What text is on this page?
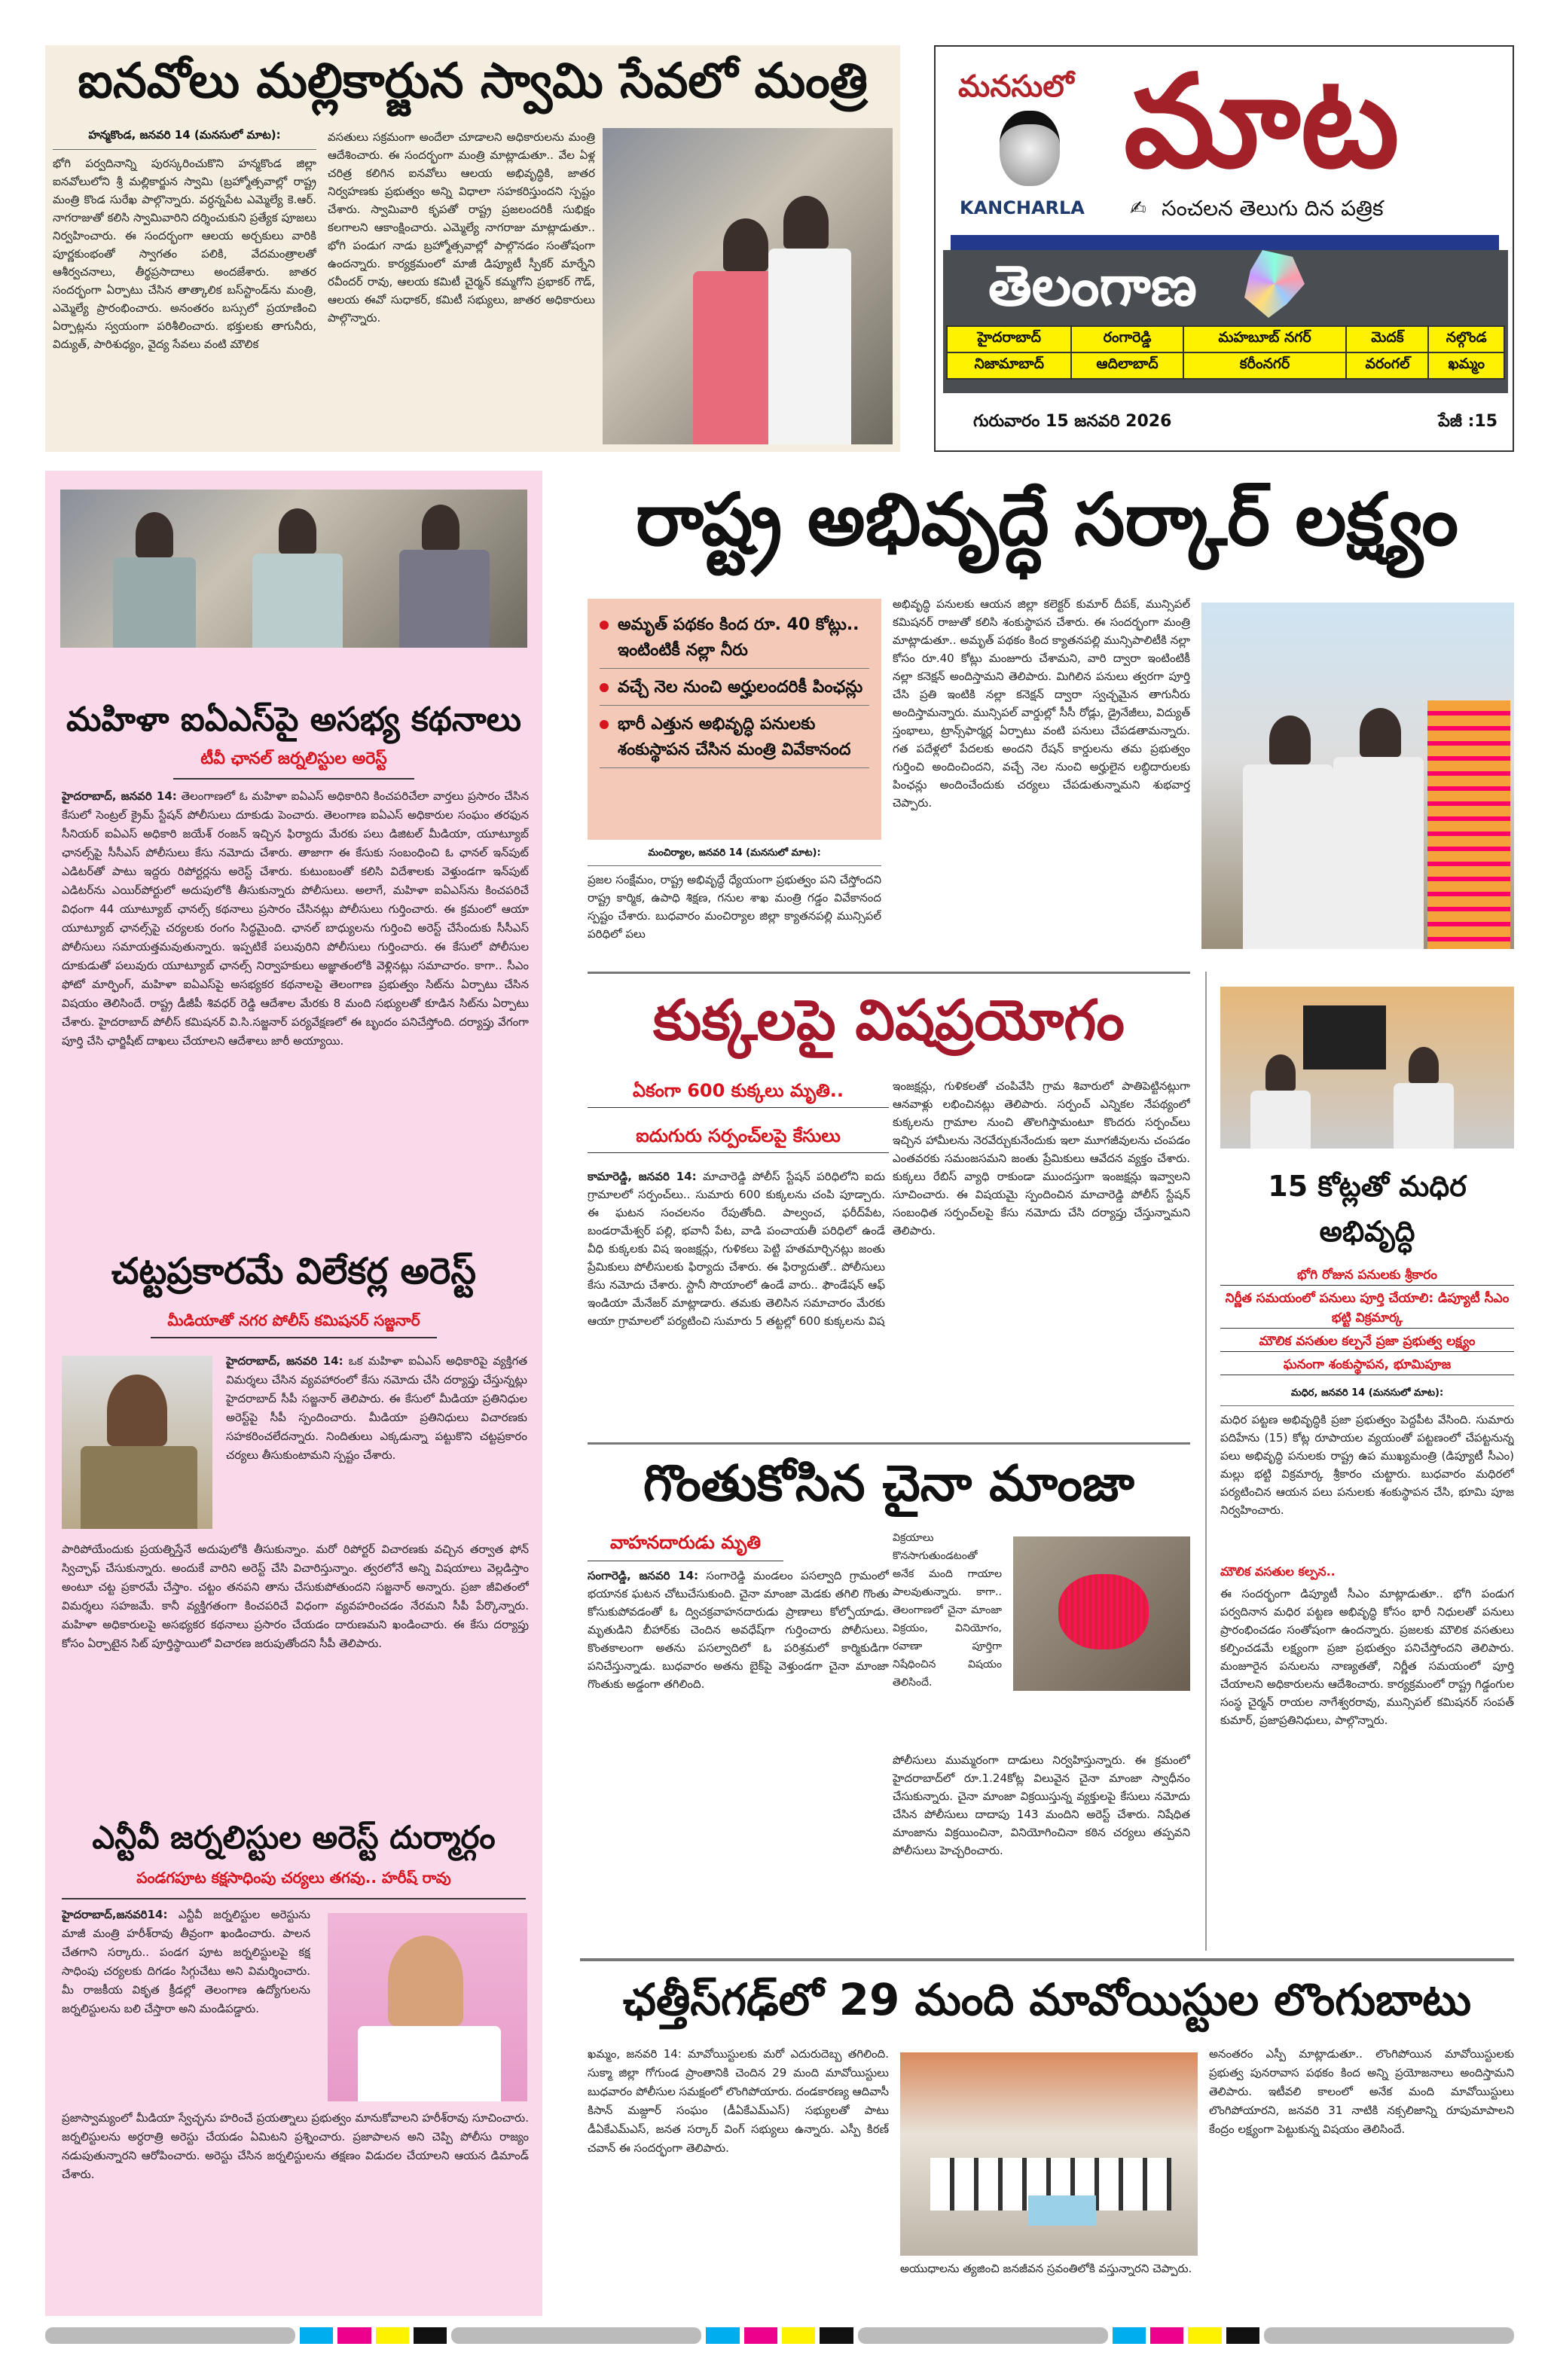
ఐనవోలు మల్లికార్జున స్వామి సేవలో మంత్రి
హన్మకొండ, జనవరి 14 (మనసులో మాట):
భోగి పర్వదినాన్ని పురస్కరించుకొని హన్మకొండ జిల్లా ఐనవోలులోని శ్రీ మల్లికార్జున స్వామి (బ్రహ్మోత్సవాల్లో రాష్ట్ర మంత్రి కొండ సురేఖ పాల్గొన్నారు. వర్ధన్నపేట ఎమ్మెల్యే కె.ఆర్. నాగరాజుతో కలిసి స్వామివారిని దర్శించుకుని ప్రత్యేక పూజలు నిర్వహించారు. ఈ సందర్భంగా ఆలయ అర్చకులు వారికి పూర్ణకుంభంతో స్వాగతం పలికి, వేదమంత్రాలతో ఆశీర్వచనాలు, తీర్థప్రసాదాలు అందజేశారు. జాతర సందర్భంగా ఏర్పాటు చేసిన తాత్కాలిక బస్‌స్టాండ్‌ను మంత్రి, ఎమ్మెల్యే ప్రారంభించారు. అనంతరం బస్సులో ప్రయాణించి ఏర్పాట్లను స్వయంగా పరిశీలించారు. భక్తులకు తాగునీరు, విద్యుత్, పారిశుధ్యం, వైద్య సేవలు వంటి మౌలిక
వసతులు సక్రమంగా అందేలా చూడాలని అధికారులను మంత్రి ఆదేశించారు. ఈ సందర్భంగా మంత్రి మాట్లాడుతూ.. వేల ఏళ్ల చరిత్ర కలిగిన ఐనవోలు ఆలయ అభివృద్ధికి, జాతర నిర్వహణకు ప్రభుత్వం అన్ని విధాలా సహకరిస్తుందని స్పష్టం చేశారు. స్వామివారి కృపతో రాష్ట్ర ప్రజలందరికీ సుభిక్షం కలగాలని ఆకాంక్షించారు. ఎమ్మెల్యే నాగరాజు మాట్లాడుతూ.. భోగి పండుగ నాడు బ్రహ్మోత్సవాల్లో పాల్గొనడం సంతోషంగా ఉందన్నారు. కార్యక్రమంలో మాజీ డిప్యూటీ స్పీకర్ మార్నేని రవీందర్ రావు, ఆలయ కమిటీ చైర్మన్ కమ్మగోని ప్రభాకర్ గౌడ్, ఆలయ ఈవో సుధాకర్, కమిటీ సభ్యులు, జాతర అధికారులు పాల్గొన్నారు.
మనసులో మాట
KANCHARLA ✍ సంచలన తెలుగు దిన పత్రిక
తెలంగాణ
హైదరాబాద్	రంగారెడ్డి	మహబూబ్ నగర్	మెదక్	నల్గొండ
నిజామాబాద్	ఆదిలాబాద్	కరీంనగర్	వరంగల్	ఖమ్మం
గురువారం 15 జనవరి 2026	పేజీ :15
మహిళా ఐఏఎస్‌పై అసభ్య కథనాలు
టీవీ ఛానల్ జర్నలిస్టుల అరెస్ట్
హైదరాబాద్, జనవరి 14: తెలంగాణలో ఓ మహిళా ఐఏఎస్ అధికారిని కించపరిచేలా వార్తలు ప్రసారం చేసిన కేసులో సెంట్రల్ క్రైమ్ స్టేషన్ పోలీసులు దూకుడు పెంచారు. తెలంగాణ ఐఏఎస్ అధికారుల సంఘం తరఫున సీనియర్ ఐఏఎస్ అధికారి జయేశ్ రంజన్ ఇచ్చిన ఫిర్యాదు మేరకు పలు డిజిటల్ మీడియా, యూట్యూబ్ ఛానల్స్‌పై సీసీఎస్ పోలీసులు కేసు నమోదు చేశారు. తాజాగా ఈ కేసుకు సంబంధించి ఓ ఛానల్ ఇన్‌పుట్ ఎడిటర్‌తో పాటు ఇద్దరు రిపోర్టర్లను అరెస్ట్ చేశారు. కుటుంబంతో కలిసి విదేశాలకు వెళ్తుండగా ఇన్‌పుట్ ఎడిటర్‌ను ఎయిర్‌పోర్టులో అదుపులోకి తీసుకున్నారు పోలీసులు. అలాగే, మహిళా ఐఏఎస్‌ను కించపరిచే విధంగా 44 యూట్యూబ్ ఛానల్స్ కథనాలు ప్రసారం చేసినట్లు పోలీసులు గుర్తించారు. ఈ క్రమంలో ఆయా యూట్యూబ్ ఛానల్స్‌పై చర్యలకు రంగం సిద్ధమైంది. ఛానల్ బాధ్యులను గుర్తించి అరెస్ట్ చేసేందుకు సీసీఎస్ పోలీసులు సమాయత్తమవుతున్నారు. ఇప్పటికే పలువురిని పోలీసులు గుర్తించారు. ఈ కేసులో పోలీసుల దూకుడుతో పలువురు యూట్యూబ్ ఛానల్స్ నిర్వాహకులు అజ్ఞాతంలోకి వెళ్లినట్లు సమాచారం. కాగా.. సీఎం ఫోటో మార్ఫింగ్, మహిళా ఐఏఎస్‌పై అసభ్యకర కథనాలపై తెలంగాణ ప్రభుత్వం సిట్‌ను ఏర్పాటు చేసిన విషయం తెలిసిందే. రాష్ట్ర డీజీపీ శివధర్ రెడ్డి ఆదేశాల మేరకు 8 మంది సభ్యులతో కూడిన సిట్‌ను ఏర్పాటు చేశారు. హైదరాబాద్ పోలీస్ కమిషనర్ వి.సి.సజ్జనార్ పర్యవేక్షణలో ఈ బృందం పనిచేస్తోంది. దర్యాప్తు వేగంగా పూర్తి చేసి ఛార్జిషీట్ దాఖలు చేయాలని ఆదేశాలు జారీ అయ్యాయి.
చట్టప్రకారమే విలేకర్ల అరెస్ట్
మీడియాతో నగర పోలీస్ కమిషనర్ సజ్జనార్
హైదరాబాద్, జనవరి 14: ఒక మహిళా ఐఏఎస్ అధికారిపై వ్యక్తిగత విమర్శలు చేసిన వ్యవహారంలో కేసు నమోదు చేసి దర్యాప్తు చేస్తున్నట్లు హైదరాబాద్ సీపీ సజ్జనార్ తెలిపారు. ఈ కేసులో మీడియా ప్రతినిధుల అరెస్ట్‌పై సీపీ స్పందించారు. మీడియా ప్రతినిధులు విచారణకు సహకరించలేదన్నారు. నిందితులు ఎక్కడున్నా పట్టుకొని చట్టప్రకారం చర్యలు తీసుకుంటామని స్పష్టం చేశారు.
పారిపోయేందుకు ప్రయత్నిస్తేనే అదుపులోకి తీసుకున్నాం. మరో రిపోర్టర్ విచారణకు వచ్చిన తర్వాత ఫోన్ స్విచ్ఛాఫ్ చేసుకున్నారు. అందుకే వారిని అరెస్ట్ చేసి విచారిస్తున్నాం. త్వరలోనే అన్ని విషయాలు వెల్లడిస్తాం అంటూ చట్ట ప్రకారమే చేస్తాం. చట్టం తనపని తాను చేసుకుపోతుందని సజ్జనార్ అన్నారు. ప్రజా జీవితంలో విమర్శలు సహజమే. కానీ వ్యక్తిగతంగా కించపరిచే విధంగా వ్యవహరించడం నేరమని సీపీ పేర్కొన్నారు. మహిళా అధికారులపై అసభ్యకర కథనాలు ప్రసారం చేయడం దారుణమని ఖండించారు. ఈ కేసు దర్యాప్తు కోసం ఏర్పాటైన సిట్ పూర్తిస్థాయిలో విచారణ జరుపుతోందని సీపీ తెలిపారు.
ఎన్టీవీ జర్నలిస్టుల అరెస్ట్ దుర్మార్గం
పండగపూట కక్షసాధింపు చర్యలు తగవు.. హరీష్ రావు
హైదరాబాద్,జనవరి14: ఎన్టీవీ జర్నలిస్టుల అరెస్టును మాజీ మంత్రి హరీశ్‌రావు తీవ్రంగా ఖండించారు. పాలన చేతగాని సర్కారు.. పండగ పూట జర్నలిస్టులపై కక్ష సాధింపు చర్యలకు దిగడం సిగ్గుచేటు అని విమర్శించారు. మీ రాజకీయ వికృత క్రీడల్లో తెలంగాణ ఉద్యోగులను జర్నలిస్టులను బలి చేస్తారా అని మండిపడ్డారు.
ప్రజాస్వామ్యంలో మీడియా స్వేచ్ఛను హరించే ప్రయత్నాలు ప్రభుత్వం మానుకోవాలని హరీశ్‌రావు సూచించారు. జర్నలిస్టులను అర్ధరాత్రి అరెస్టు చేయడం ఏమిటని ప్రశ్నించారు. ప్రజాపాలన అని చెప్పి పోలీసు రాజ్యం నడుపుతున్నారని ఆరోపించారు. అరెస్టు చేసిన జర్నలిస్టులను తక్షణం విడుదల చేయాలని ఆయన డిమాండ్ చేశారు.
రాష్ట్ర అభివృద్ధే సర్కార్ లక్ష్యం
అమృత్ పథకం కింద రూ. 40 కోట్లు.. ఇంటింటికీ నల్లా నీరు
వచ్చే నెల నుంచి అర్హులందరికీ పింఛన్లు
భారీ ఎత్తున అభివృద్ధి పనులకు శంకుస్థాపన చేసిన మంత్రి వివేకానంద
మంచిర్యాల, జనవరి 14 (మనసులో మాట):
ప్రజల సంక్షేమం, రాష్ట్ర అభివృద్ధే ధ్యేయంగా ప్రభుత్వం పని చేస్తోందని రాష్ట్ర కార్మిక, ఉపాధి శిక్షణ, గనుల శాఖ మంత్రి గడ్డం వివేకానంద స్పష్టం చేశారు. బుధవారం మంచిర్యాల జిల్లా క్యాతనపల్లి మున్సిపల్ పరిధిలో పలు
అభివృద్ధి పనులకు ఆయన జిల్లా కలెక్టర్ కుమార్ దీపక్, మున్సిపల్ కమిషనర్ రాజుతో కలిసి శంకుస్థాపన చేశారు. ఈ సందర్భంగా మంత్రి మాట్లాడుతూ.. అమృత్ పథకం కింద క్యాతనపల్లి మున్సిపాలిటీకి నల్లా కోసం రూ.40 కోట్లు మంజూరు చేశామని, వారి ద్వారా ఇంటింటికీ నల్లా కనెక్షన్ అందిస్తామని తెలిపారు. మిగిలిన పనులు త్వరగా పూర్తి చేసి ప్రతి ఇంటికి నల్లా కనెక్షన్ ద్వారా స్వచ్ఛమైన తాగునీరు అందిస్తామన్నారు. మున్సిపల్ వార్డుల్లో సీసీ రోడ్లు, డ్రైనేజీలు, విద్యుత్ స్తంభాలు, ట్రాన్స్‌ఫార్మర్ల ఏర్పాటు వంటి పనులు చేపడతామన్నారు. గత పదేళ్లలో పేదలకు అందని రేషన్ కార్డులను తమ ప్రభుత్వం గుర్తించి అందించిందని, వచ్చే నెల నుంచి అర్హులైన లబ్ధిదారులకు పింఛన్లు అందించేందుకు చర్యలు చేపడుతున్నామని శుభవార్త చెప్పారు.
కుక్కలపై విషప్రయోగం
ఏకంగా 600 కుక్కలు మృతి..
ఐదుగురు సర్పంచ్‌లపై కేసులు
కామారెడ్డి, జనవరి 14: మాచారెడ్డి పోలీస్ స్టేషన్ పరిధిలోని ఐదు గ్రామాలలో సర్పంచ్‌లు.. సుమారు 600 కుక్కలను చంపి పూడ్చారు. ఈ ఘటన సంచలనం రేపుతోంది. పాల్వంచ, ఫరీద్‌పేట, బండరామేశ్వర్ పల్లి, భవానీ పేట, వాడి పంచాయతీ పరిధిలో ఉండే వీధి కుక్కలకు విష ఇంజక్షన్లు, గుళికలు పెట్టి హతమార్చినట్లు జంతు ప్రేమికులు పోలీసులకు ఫిర్యాదు చేశారు. ఈ ఫిర్యాదుతో.. పోలీసులు కేసు నమోదు చేశారు. స్టానీ సొయాంలో ఉండే వారు.. ఫౌండేషన్ ఆఫ్ ఇండియా మేనేజర్ మాట్లాడారు. తమకు తెలిసిన సమాచారం మేరకు ఆయా గ్రామాలలో పర్యటించి సుమారు 5 తట్టల్లో 600 కుక్కలను విష
ఇంజక్షన్లు, గుళికలతో చంపివేసి గ్రామ శివారులో పాతిపెట్టినట్లుగా ఆనవాళ్లు లభించినట్లు తెలిపారు. సర్పంచ్ ఎన్నికల నేపథ్యంలో కుక్కలను గ్రామాల నుంచి తొలగిస్తామంటూ కొందరు సర్పంచ్‌లు ఇచ్చిన హామీలను నెరవేర్చుకునేందుకు ఇలా మూగజీవులను చంపడం ఎంతవరకు సమంజసమని జంతు ప్రేమికులు ఆవేదన వ్యక్తం చేశారు. కుక్కలు రేబిస్ వ్యాధి రాకుండా ముందస్తుగా ఇంజక్షన్లు ఇవ్వాలని సూచించారు. ఈ విషయమై స్పందించిన మాచారెడ్డి పోలీస్ స్టేషన్ సంబంధిత సర్పంచ్‌లపై కేసు నమోదు చేసి దర్యాప్తు చేస్తున్నామని తెలిపారు.
15 కోట్లతో మధిర అభివృద్ధి
భోగి రోజున పనులకు శ్రీకారం
నిర్ణీత సమయంలో పనులు పూర్తి చేయాలి: డిప్యూటీ సీఎం భట్టి విక్రమార్క
మౌలిక వసతుల కల్పనే ప్రజా ప్రభుత్వ లక్ష్యం
ఘనంగా శంకుస్థాపన, భూమిపూజ
మధిర, జనవరి 14 (మనసులో మాట):
మధిర పట్టణ అభివృద్ధికి ప్రజా ప్రభుత్వం పెద్దపీట వేసింది. సుమారు పదిహేను (15) కోట్ల రూపాయల వ్యయంతో పట్టణంలో చేపట్టనున్న పలు అభివృద్ధి పనులకు రాష్ట్ర ఉప ముఖ్యమంత్రి (డిప్యూటీ సీఎం) మల్లు భట్టి విక్రమార్క శ్రీకారం చుట్టారు. బుధవారం మధిరలో పర్యటించిన ఆయన పలు పనులకు శంకుస్థాపన చేసి, భూమి పూజ నిర్వహించారు.
మౌలిక వసతుల కల్పన..
ఈ సందర్భంగా డిప్యూటీ సీఎం మాట్లాడుతూ.. భోగి పండుగ పర్వదినాన మధిర పట్టణ అభివృద్ధి కోసం భారీ నిధులతో పనులు ప్రారంభించడం సంతోషంగా ఉందన్నారు. ప్రజలకు మౌలిక వసతులు కల్పించడమే లక్ష్యంగా ప్రజా ప్రభుత్వం పనిచేస్తోందని తెలిపారు. మంజూరైన పనులను నాణ్యతతో, నిర్ణీత సమయంలో పూర్తి చేయాలని అధికారులను ఆదేశించారు. కార్యక్రమంలో రాష్ట్ర గిడ్డంగుల సంస్థ చైర్మన్ రాయల నాగేశ్వరరావు, మున్సిపల్ కమిషనర్ సంపత్ కుమార్, ప్రజాప్రతినిధులు, పాల్గొన్నారు.
గొంతుకోసిన చైనా మాంజా
వాహనదారుడు మృతి
సంగారెడ్డి, జనవరి 14: సంగారెడ్డి మండలం పసల్వాది గ్రామంలో భయానక ఘటన చోటుచేసుకుంది. చైనా మాంజా మెడకు తగిలి గొంతు కోసుకుపోవడంతో ఓ ద్విచక్రవాహనదారుడు ప్రాణాలు కోల్పోయాడు. మృతుడిని బీహార్‌కు చెందిన అవధేష్‌గా గుర్తించారు పోలీసులు. కొంతకాలంగా అతను పసల్వాదిలో ఓ పరిశ్రమలో కార్మికుడిగా పనిచేస్తున్నాడు. బుధవారం అతను బైక్‌పై వెళ్తుండగా చైనా మాంజా గొంతుకు అడ్డంగా తగిలింది.
విక్రయాలు కొనసాగుతుండటంతో అనేక మంది గాయాల పాలవుతున్నారు. కాగా.. తెలంగాణలో చైనా మాంజా విక్రయం, వినియోగం, రవాణా పూర్తిగా నిషేధించిన విషయం తెలిసిందే.
పోలీసులు ముమ్మరంగా దాడులు నిర్వహిస్తున్నారు. ఈ క్రమంలో హైదరాబాద్‌లో రూ.1.24కోట్ల విలువైన చైనా మాంజా స్వాధీనం చేసుకున్నారు. చైనా మాంజా విక్రయిస్తున్న వ్యక్తులపై కేసులు నమోదు చేసిన పోలీసులు దాదాపు 143 మందిని అరెస్ట్ చేశారు. నిషేధిత మాంజాను విక్రయించినా, వినియోగించినా కఠిన చర్యలు తప్పవని పోలీసులు హెచ్చరించారు.
ఛత్తీస్‌గఢ్‌లో 29 మంది మావోయిస్టుల లొంగుబాటు
ఖమ్మం, జనవరి 14: మావోయిస్టులకు మరో ఎదురుదెబ్బ తగిలింది. సుక్మా జిల్లా గోగుండ ప్రాంతానికి చెందిన 29 మంది మావోయిస్టులు బుధవారం పోలీసుల సమక్షంలో లొంగిపోయారు. దండకారణ్య ఆదివాసీ కిసాన్ మజ్దూర్ సంఘం (డీఏకేఎమ్ఎస్) సభ్యులతో పాటు డీఏకేఎమ్ఎస్, జనత సర్కార్ వింగ్ సభ్యులు ఉన్నారు. ఎస్పీ కిరణ్ చవాన్ ఈ సందర్భంగా తెలిపారు.
అయుధాలను త్యజించి జనజీవన స్రవంతిలోకి వస్తున్నారని చెప్పారు.
అనంతరం ఎస్పీ మాట్లాడుతూ.. లొంగిపోయిన మావోయిస్టులకు ప్రభుత్వ పునరావాస పథకం కింద అన్ని ప్రయోజనాలు అందిస్తామని తెలిపారు. ఇటీవలి కాలంలో అనేక మంది మావోయిస్టులు లొంగిపోయారని, జనవరి 31 నాటికి నక్సలిజాన్ని రూపుమాపాలని కేంద్రం లక్ష్యంగా పెట్టుకున్న విషయం తెలిసిందే.
